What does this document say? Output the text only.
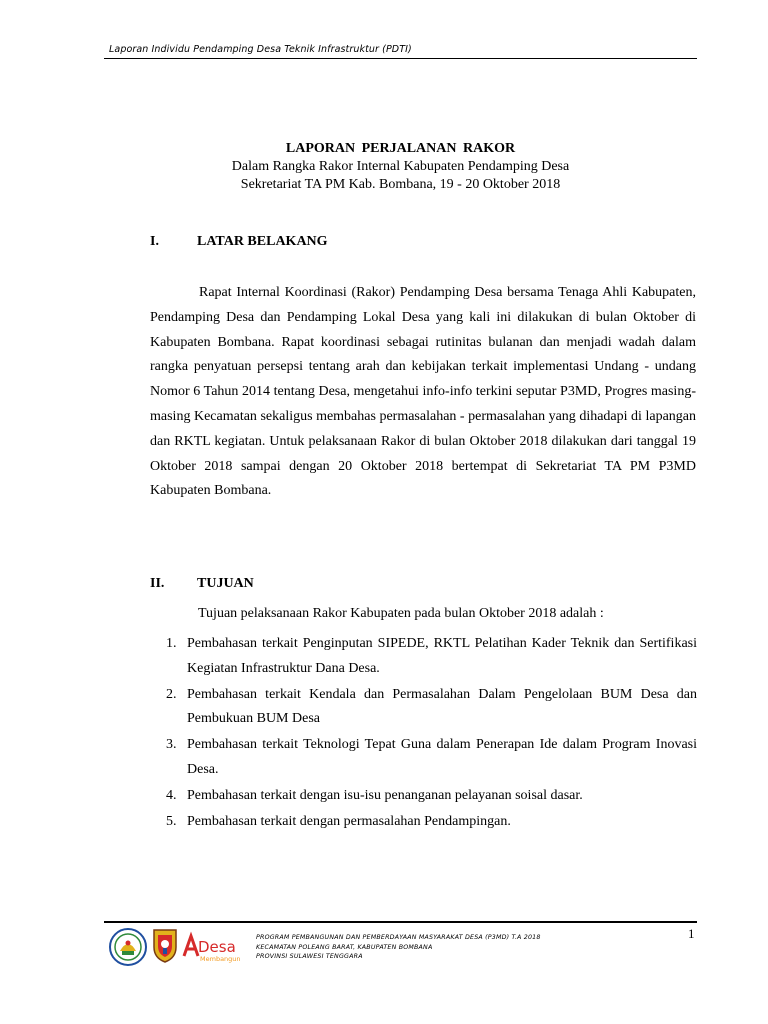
Laporan Individu Pendamping Desa Teknik Infrastruktur (PDTI)
LAPORAN PERJALANAN RAKOR
Dalam Rangka Rakor Internal Kabupaten Pendamping Desa
Sekretariat TA PM Kab. Bombana, 19 - 20 Oktober 2018
I.	LATAR BELAKANG

Rapat Internal Koordinasi (Rakor) Pendamping Desa bersama Tenaga Ahli Kabupaten, Pendamping Desa dan Pendamping Lokal Desa yang kali ini dilakukan di bulan Oktober di Kabupaten Bombana. Rapat koordinasi sebagai rutinitas bulanan dan menjadi wadah dalam rangka penyatuan persepsi tentang arah dan kebijakan terkait implementasi Undang - undang Nomor 6 Tahun 2014 tentang Desa, mengetahui info-info terkini seputar P3MD, Progres masing-masing Kecamatan sekaligus membahas permasalahan - permasalahan yang dihadapi di lapangan dan RKTL kegiatan. Untuk pelaksanaan Rakor di bulan Oktober 2018 dilakukan dari tanggal 19 Oktober 2018 sampai dengan 20 Oktober 2018 bertempat di Sekretariat TA PM P3MD Kabupaten Bombana.

II. TUJUAN
Tujuan pelaksanaan Rakor Kabupaten pada bulan Oktober 2018 adalah :
1. Pembahasan terkait Penginputan SIPEDE, RKTL Pelatihan Kader Teknik dan Sertifikasi Kegiatan Infrastruktur Dana Desa.
2. Pembahasan terkait Kendala dan Permasalahan Dalam Pengelolaan BUM Desa dan Pembukuan BUM Desa
3. Pembahasan terkait Teknologi Tepat Guna dalam Penerapan Ide dalam Program Inovasi Desa.
4. Pembahasan terkait dengan isu-isu penanganan pelayanan soisal dasar.
5. Pembahasan terkait dengan permasalahan Pendampingan.
1
Desa
Membangun
PROGRAM PEMBANGUNAN DAN PEMBERDAYAAN MASYARAKAT DESA (P3MD) T.A 2018
KECAMATAN POLEANG BARAT, KABUPATEN BOMBANA
PROVINSI SULAWESI TENGGARA
